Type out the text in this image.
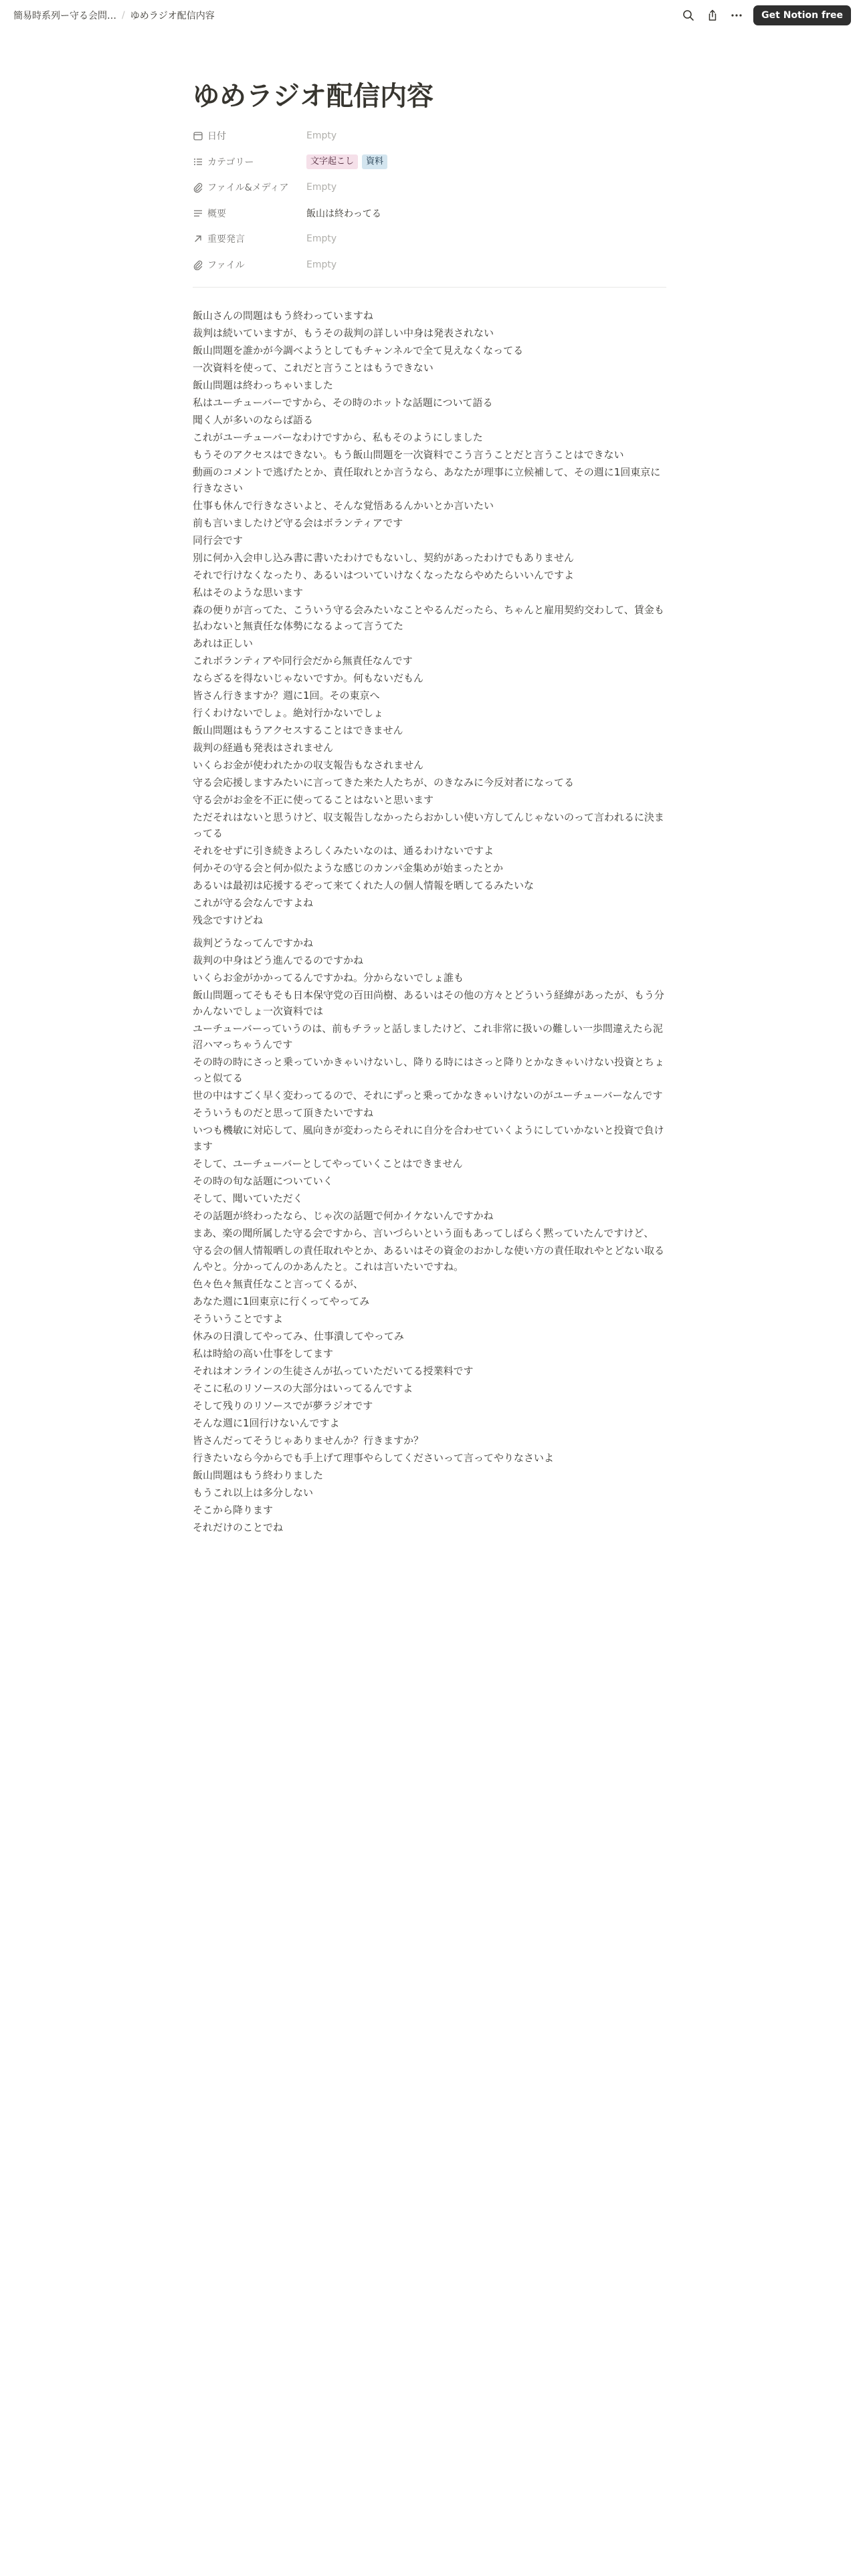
簡易時系列ー守る会問… / ゆめラジオ配信内容	Get Notion free
ゆめラジオ配信内容
日付	Empty
カテゴリー	文字起こし	資料
ファイル&メディア Empty
概要	飯山は終わってる
重要発言	Empty
ファイル	Empty

飯山さんの問題はもう終わっていますね

裁判は続いていますが、もうその裁判の詳しい中身は発表されない

飯山問題を誰かが今調べようとしてもチャンネルで全て見えなくなってる

一次資料を使って、これだと言うことはもうできない

飯山問題は終わっちゃいました

私はユーチューバーですから、その時のホットな話題について語る

聞く人が多いのならば語る

これがユーチューバーなわけですから、私もそのようにしました

もうそのアクセスはできない。もう飯山問題を一次資料でこう言うことだと言うことはできない

動画のコメントで逃げたとか、責任取れとか言うなら、あなたが理事に立候補して、その週に1回東京に行きなさい

仕事も休んで行きなさいよと、そんな覚悟あるんかいとか言いたい

前も言いましたけど守る会はボランティアです

同行会です

別に何か入会申し込み書に書いたわけでもないし、契約があったわけでもありません

それで行けなくなったり、あるいはついていけなくなったならやめたらいいんですよ

私はそのような思います

森の便りが言ってた、こういう守る会みたいなことやるんだったら、ちゃんと雇用契約交わして、賃金も払わないと無責任な体勢になるよって言うてた

あれは正しい

これボランティアや同行会だから無責任なんです

ならざるを得ないじゃないですか。何もないだもん

皆さん行きますか？週に1回。その東京へ

行くわけないでしょ。絶対行かないでしょ

飯山問題はもうアクセスすることはできません

裁判の経過も発表はされません

いくらお金が使われたかの収支報告もなされません

守る会応援しますみたいに言ってきた来た人たちが、のきなみに今反対者になってる

守る会がお金を不正に使ってることはないと思います

ただそれはないと思うけど、収支報告しなかったらおかしい使い方してんじゃないのって言われるに決まってる

それをせずに引き続きよろしくみたいなのは、通るわけないですよ

何かその守る会と何か似たような感じのカンパ金集めが始まったとか

あるいは最初は応援するぞって来てくれた人の個人情報を晒してるみたいな

これが守る会なんですよね

残念ですけどね

裁判どうなってんですかね

裁判の中身はどう進んでるのですかね

いくらお金がかかってるんですかね。分からないでしょ誰も

飯山問題ってそもそも日本保守党の百田尚樹、あるいはその他の方々とどういう経緯があったが、もう分かんないでしょ一次資料では

ユーチューバーっていうのは、前もチラッと話しましたけど、これ非常に扱いの難しい一歩間違えたら泥沼ハマっちゃうんです

その時の時にさっと乗っていかきゃいけないし、降りる時にはさっと降りとかなきゃいけない投資とちょっと似てる

世の中はすごく早く変わってるので、それにずっと乗ってかなきゃいけないのがユーチューバーなんです

そういうものだと思って頂きたいですね

いつも機敏に対応して、風向きが変わったらそれに自分を合わせていくようにしていかないと投資で負けます

そして、ユーチューバーとしてやっていくことはできません

その時の旬な話題についていく

そして、聞いていただく

その話題が終わったなら、じゃ次の話題で何かイケないんですかね

まあ、楽の聞所属した守る会ですから、言いづらいという面もあってしばらく黙っていたんですけど、

守る会の個人情報晒しの責任取れやとか、あるいはその資金のおかしな使い方の責任取れやとどない取るんやと。分かってんのかあんたと。これは言いたいですね。

色々色々無責任なこと言ってくるが、

あなた週に1回東京に行くってやってみ

そういうことですよ

休みの日潰してやってみ、仕事潰してやってみ

私は時給の高い仕事をしてます

それはオンラインの生徒さんが払っていただいてる授業料です

そこに私のリソースの大部分はいってるんですよ

そして残りのリソースでが夢ラジオです

そんな週に1回行けないんですよ

皆さんだってそうじゃありませんか？行きますか？

行きたいなら今からでも手上げて理事やらしてくださいって言ってやりなさいよ

飯山問題はもう終わりました

もうこれ以上は多分しない

そこから降ります

それだけのことでね
